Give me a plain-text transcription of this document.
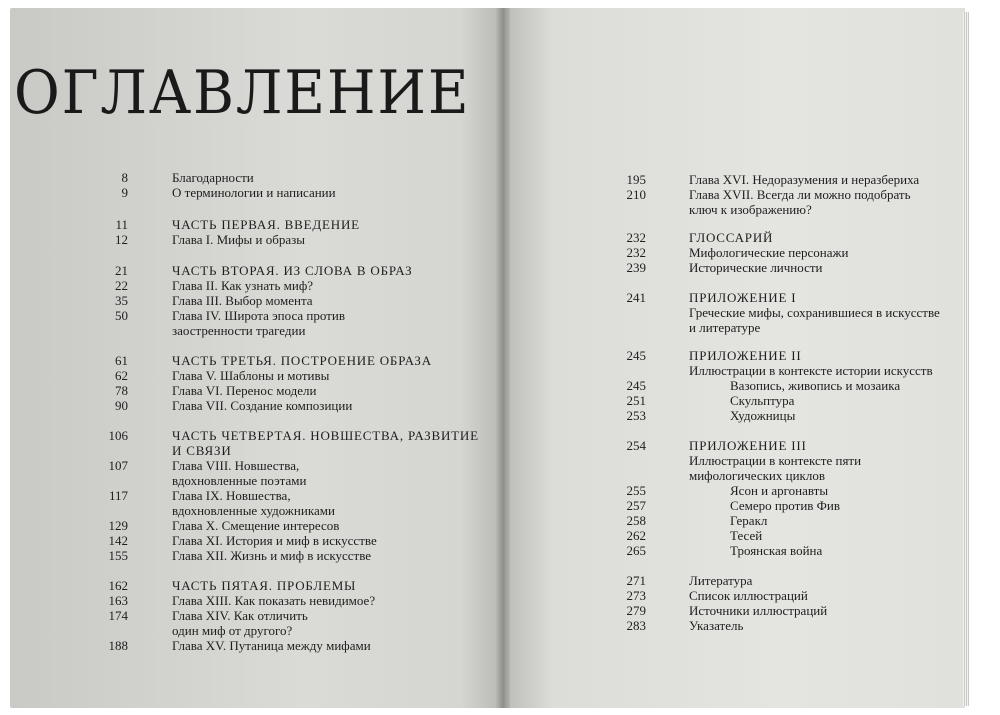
ОГЛАВЛЕНИЕ
8	Благодарности
9	О терминологии и написании
11	ЧАСТЬ ПЕРВАЯ. ВВЕДЕНИЕ
12	Глава I. Мифы и образы
21	ЧАСТЬ ВТОРАЯ. ИЗ СЛОВА В ОБРАЗ
22	Глава II. Как узнать миф?
35	Глава III. Выбор момента
50	Глава IV. Широта эпоса против
заостренности трагедии
61	ЧАСТЬ ТРЕТЬЯ. ПОСТРОЕНИЕ ОБРАЗА
62	Глава V. Шаблоны и мотивы
78	Глава VI. Перенос модели
90	Глава VII. Создание композиции
106	ЧАСТЬ ЧЕТВЕРТАЯ. НОВШЕСТВА, РАЗВИТИЕ
И СВЯЗИ
107	Глава VIII. Новшества,
вдохновленные поэтами
117	Глава IX. Новшества,
вдохновленные художниками
129	Глава X. Смещение интересов
142	Глава XI. История и миф в искусстве
155	Глава XII. Жизнь и миф в искусстве
162	ЧАСТЬ ПЯТАЯ. ПРОБЛЕМЫ
163	Глава XIII. Как показать невидимое?
174	Глава XIV. Как отличить
один миф от другого?
188	Глава XV. Путаница между мифами
195	Глава XVI. Недоразумения и неразбериха
210	Глава XVII. Всегда ли можно подобрать
ключ к изображению?
232	ГЛОССАРИЙ
232	Мифологические персонажи
239	Исторические личности
241	ПРИЛОЖЕНИЕ I
Греческие мифы, сохранившиеся в искусстве
и литературе
245	ПРИЛОЖЕНИЕ II
Иллюстрации в контексте истории искусств
245	Вазопись, живопись и мозаика
251	Скульптура
253	Художницы
254	ПРИЛОЖЕНИЕ III
Иллюстрации в контексте пяти
мифологических циклов
255	Ясон и аргонавты
257	Семеро против Фив
258	Геракл
262	Тесей
265	Троянская война
271	Литература
273	Список иллюстраций
279	Источники иллюстраций
283	Указатель
